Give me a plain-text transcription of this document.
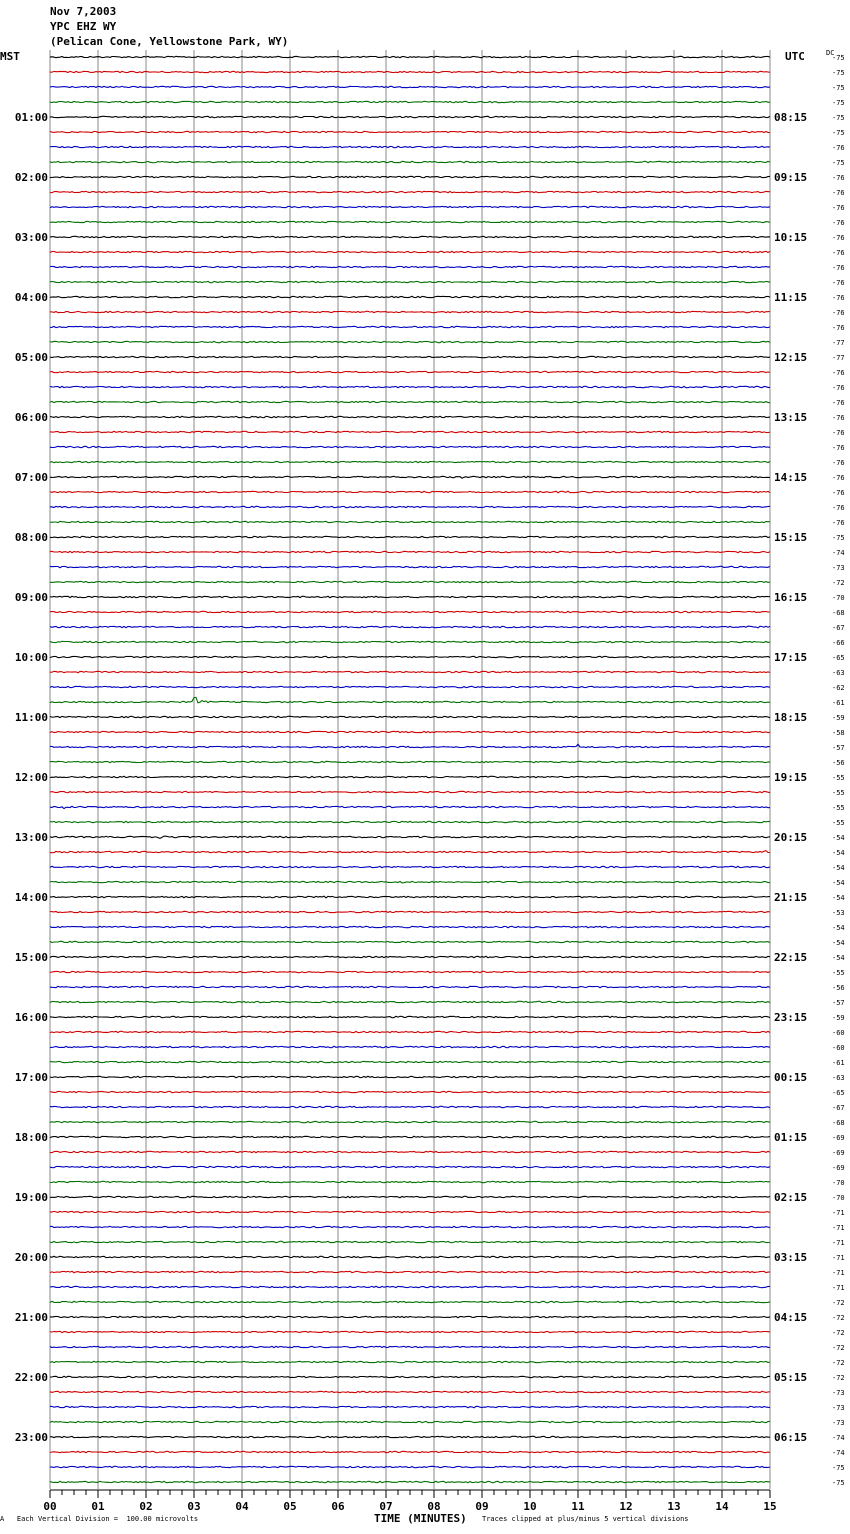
Nov 7,2003
YPC EHZ WY
(Pelican Cone, Yellowstone Park, WY)
MST	UTC	DC
-75
-75
-75
-75
-75
01:00	08:15
-75
-76
-75
-76
02:00	09:15
-76
-76
-76
-76
03:00	10:15
-76
-76
-76
-76
04:00	11:15
-76
-76
-77
-77
05:00	12:15
-76
-76
-76
-76
06:00	13:15
-76
-76
-76
-76
07:00	14:15
-76
-76
-76
-75
08:00	15:15
-74
-73
-72
-70
09:00	16:15
-68
-67
-66
-65
10:00	17:15
-63
-62
-61
-59
11:00	18:15
-58
-57
-56
-55
12:00	19:15
-55
-55
-55
-54
13:00	20:15
-54
-54
-54
-54
14:00	21:15
-53
-54
-54
-54
15:00	22:15
-55
-56
-57
-59
16:00	23:15
-60
-60
-61
-63
17:00	00:15
-65
-67
-68
-69
18:00	01:15
-69
-69
-70
-70
19:00	02:15
-71
-71
-71
-71
20:00	03:15
-71
-71
-72
-72
21:00	04:15
-72
-72
-72
-72
22:00	05:15
-73
-73
-73
-74
23:00	06:15
-74
-75
-75
00	01	02	03	04	05	06	07	08	09	10	11	12	13	14	15
A Each Vertical Division =  100.00 microvolts	TIME (MINUTES) Traces clipped at plus/minus 5 vertical divisions
